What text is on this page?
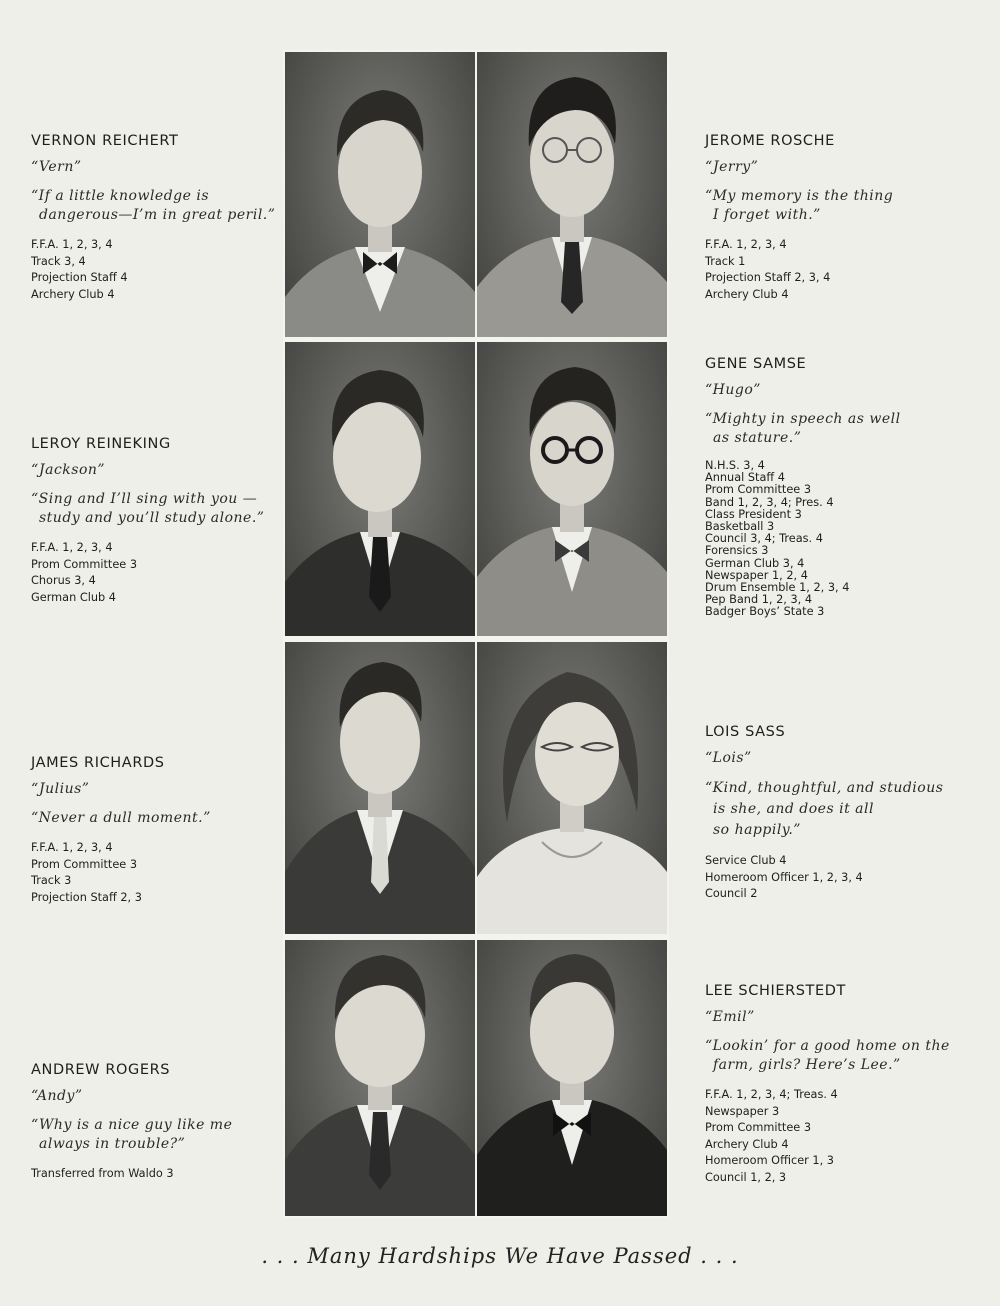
VERNON REICHERT
“Vern”
“If a little knowledge is
dangerous—I’m in great peril.”
F.F.A. 1, 2, 3, 4
Track 3, 4
Projection Staff 4
Archery Club 4
JEROME ROSCHE
“Jerry”
“My memory is the thing
I forget with.”
F.F.A. 1, 2, 3, 4
Track 1
Projection Staff 2, 3, 4
Archery Club 4
GENE SAMSE
“Hugo”
“Mighty in speech as well
as stature.”
N.H.S. 3, 4
Annual Staff 4
Prom Committee 3
Band 1, 2, 3, 4; Pres. 4
Class President 3
Basketball 3
Council 3, 4; Treas. 4
Forensics 3
German Club 3, 4
Newspaper 1, 2, 4
Drum Ensemble 1, 2, 3, 4
Pep Band 1, 2, 3, 4
Badger Boys’ State 3
LEROY REINEKING
“Jackson”
“Sing and I’ll sing with you —
study and you’ll study alone.”
F.F.A. 1, 2, 3, 4
Prom Committee 3
Chorus 3, 4
German Club 4
LOIS SASS
“Lois”
“Kind, thoughtful, and studious
is she, and does it all
so happily.”
Service Club 4
Homeroom Officer 1, 2, 3, 4
Council 2
JAMES RICHARDS
“Julius”
“Never a dull moment.”
F.F.A. 1, 2, 3, 4
Prom Committee 3
Track 3
Projection Staff 2, 3
LEE SCHIERSTEDT
“Emil”
“Lookin’ for a good home on the
farm, girls? Here’s Lee.”
F.F.A. 1, 2, 3, 4; Treas. 4
Newspaper 3
Prom Committee 3
Archery Club 4
Homeroom Officer 1, 3
Council 1, 2, 3
ANDREW ROGERS
“Andy”
“Why is a nice guy like me
always in trouble?”
Transferred from Waldo 3
. . . Many Hardships We Have Passed . . .
